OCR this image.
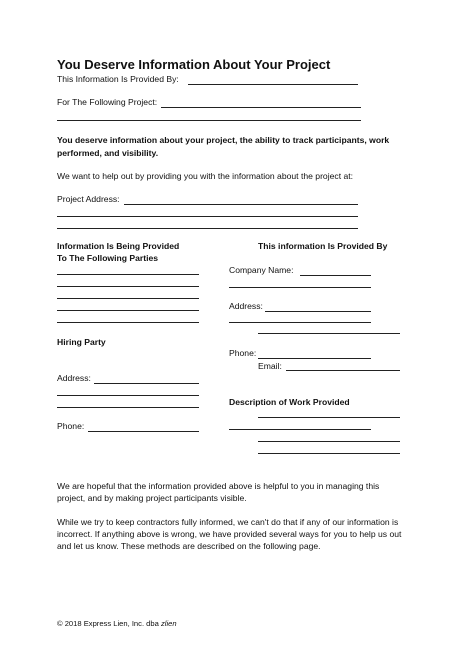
You Deserve Information About Your Project
This Information Is Provided By:
For The Following Project:
You deserve information about your project, the ability to track participants, work
performed, and visibility.
We want to help out by providing you with the information about the project at:
Project Address:
Information Is Being Provided
To The Following Parties
This information Is Provided By
Company Name:
Address:
Hiring Party
Phone:
Email:
Address:
Description of Work Provided
Phone:
We are hopeful that the information provided above is helpful to you in managing this
project, and by making project participants visible.
While we try to keep contractors fully informed, we can't do that if any of our information is
incorrect. If anything above is wrong, we have provided several ways for you to help us out
and let us know. These methods are described on the following page.
© 2018 Express Lien, Inc. dba zlien
